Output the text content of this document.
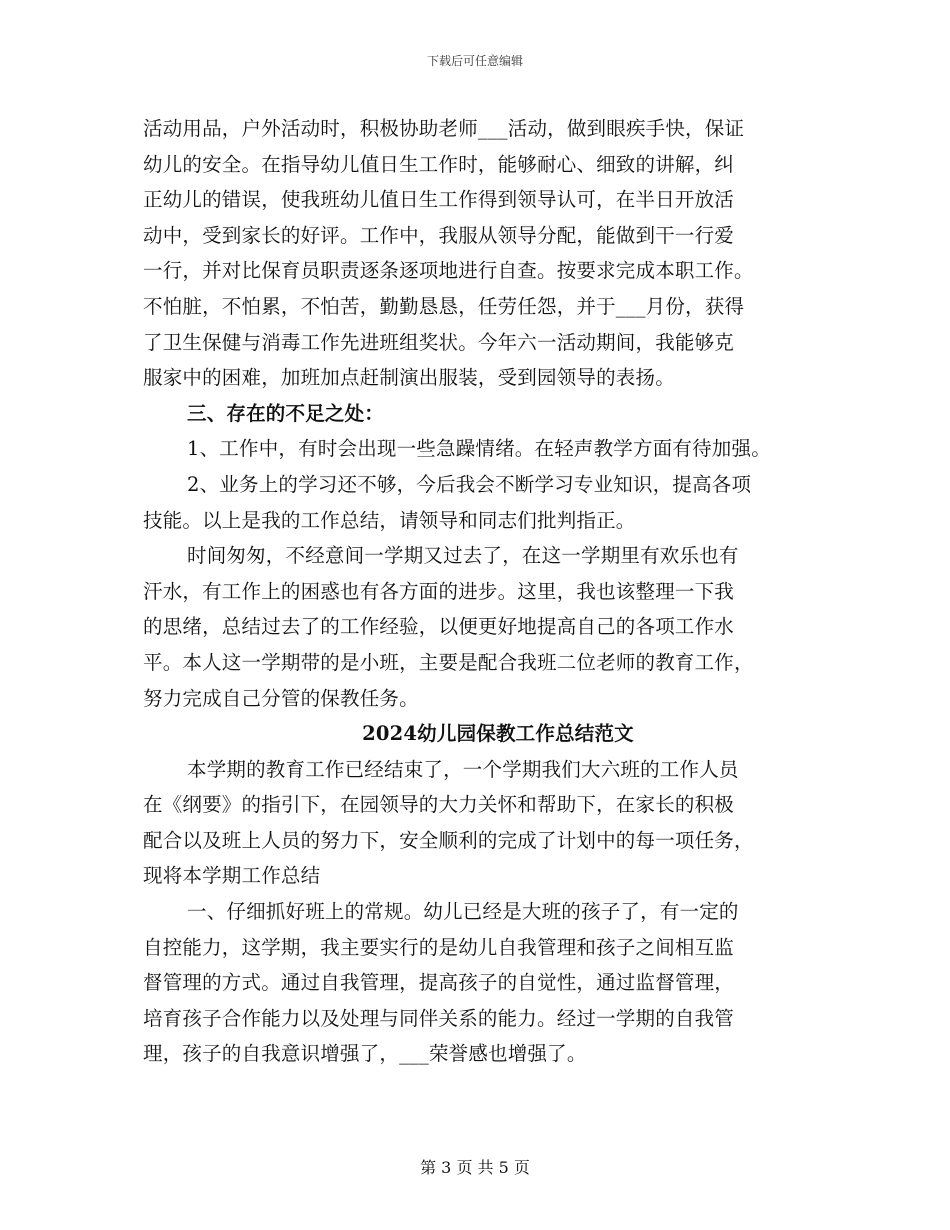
下载后可任意编辑
活动用品，户外活动时，积极协助老师___活动，做到眼疾手快，保证
幼儿的安全。在指导幼儿值日生工作时，能够耐心、细致的讲解，纠
正幼儿的错误，使我班幼儿值日生工作得到领导认可，在半日开放活
动中，受到家长的好评。工作中，我服从领导分配，能做到干一行爱
一行，并对比保育员职责逐条逐项地进行自查。按要求完成本职工作。
不怕脏，不怕累，不怕苦，勤勤恳恳，任劳任怨，并于___月份，获得
了卫生保健与消毒工作先进班组奖状。今年六一活动期间，我能够克
服家中的困难，加班加点赶制演出服装，受到园领导的表扬。
三、存在的不足之处：
1、工作中，有时会出现一些急躁情绪。在轻声教学方面有待加强。
2、业务上的学习还不够，今后我会不断学习专业知识，提高各项
技能。以上是我的工作总结，请领导和同志们批判指正。
时间匆匆，不经意间一学期又过去了，在这一学期里有欢乐也有
汗水，有工作上的困惑也有各方面的进步。这里，我也该整理一下我
的思绪，总结过去了的工作经验，以便更好地提高自己的各项工作水
平。本人这一学期带的是小班，主要是配合我班二位老师的教育工作，
努力完成自己分管的保教任务。
2024幼儿园保教工作总结范文
本学期的教育工作已经结束了，一个学期我们大六班的工作人员
在《纲要》的指引下，在园领导的大力关怀和帮助下，在家长的积极
配合以及班上人员的努力下，安全顺利的完成了计划中的每一项任务，
现将本学期工作总结
一、仔细抓好班上的常规。幼儿已经是大班的孩子了，有一定的
自控能力，这学期，我主要实行的是幼儿自我管理和孩子之间相互监
督管理的方式。通过自我管理，提高孩子的自觉性，通过监督管理，
培育孩子合作能力以及处理与同伴关系的能力。经过一学期的自我管
理，孩子的自我意识增强了，___荣誉感也增强了。
第 3 页 共 5 页
